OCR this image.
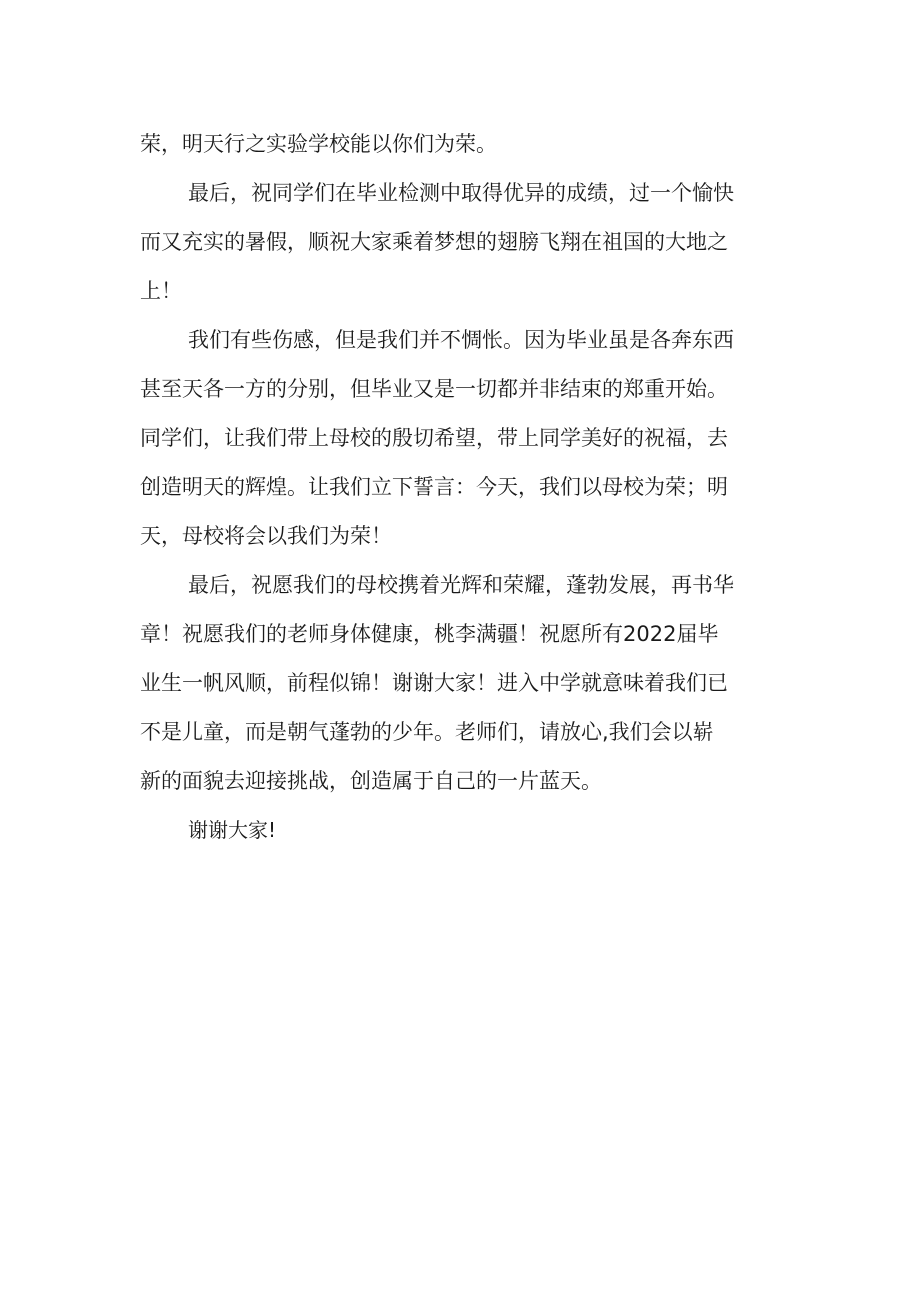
荣，明天行之实验学校能以你们为荣。
最后，祝同学们在毕业检测中取得优异的成绩，过一个愉快
而又充实的暑假，顺祝大家乘着梦想的翅膀飞翔在祖国的大地之
上！
我们有些伤感，但是我们并不惆怅。因为毕业虽是各奔东西
甚至天各一方的分别，但毕业又是一切都并非结束的郑重开始。
同学们，让我们带上母校的殷切希望，带上同学美好的祝福，去
创造明天的辉煌。让我们立下誓言：今天，我们以母校为荣；明
天，母校将会以我们为荣！
最后，祝愿我们的母校携着光辉和荣耀，蓬勃发展，再书华
章！祝愿我们的老师身体健康，桃李满疆！祝愿所有2022届毕
业生一帆风顺，前程似锦！谢谢大家！进入中学就意味着我们已
不是儿童，而是朝气蓬勃的少年。老师们，请放心,我们会以崭
新的面貌去迎接挑战，创造属于自己的一片蓝天。
谢谢大家!
